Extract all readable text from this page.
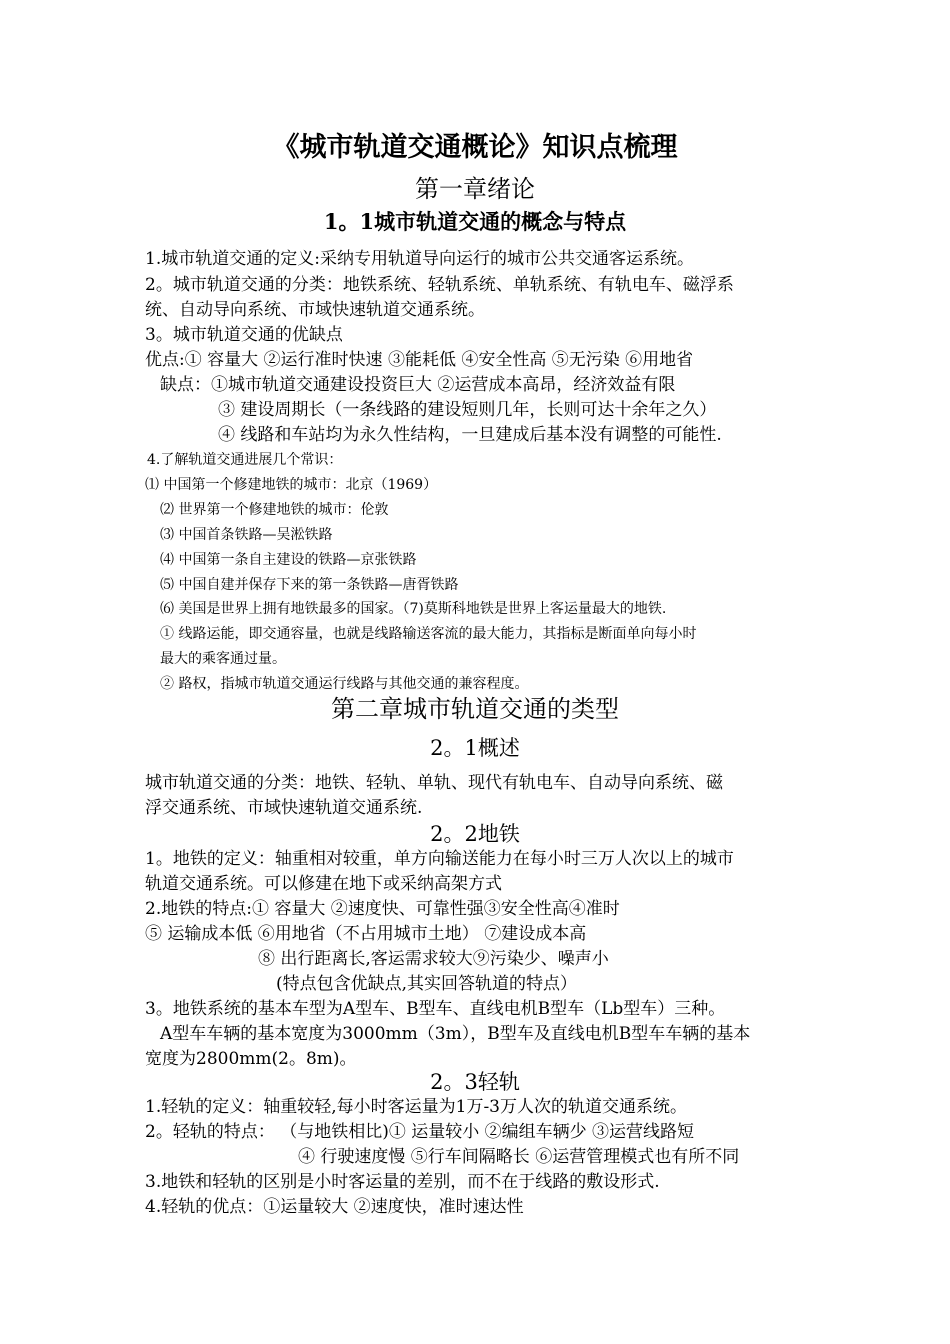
《城市轨道交通概论》知识点梳理
第一章绪论
1。1城市轨道交通的概念与特点
1.城市轨道交通的定义:采纳专用轨道导向运行的城市公共交通客运系统。
2。城市轨道交通的分类：地铁系统、轻轨系统、单轨系统、有轨电车、磁浮系
统、自动导向系统、市域快速轨道交通系统。
3。城市轨道交通的优缺点
优点:① 容量大 ②运行准时快速 ③能耗低 ④安全性高 ⑤无污染 ⑥用地省
缺点：①城市轨道交通建设投资巨大 ②运营成本高昂，经济效益有限
③ 建设周期长（一条线路的建设短则几年，长则可达十余年之久）
④ 线路和车站均为永久性结构，一旦建成后基本没有调整的可能性.
4.了解轨道交通进展几个常识：
⑴ 中国第一个修建地铁的城市：北京（1969）
⑵ 世界第一个修建地铁的城市：伦敦
⑶ 中国首条铁路—吴淞铁路
⑷ 中国第一条自主建设的铁路—京张铁路
⑸ 中国自建并保存下来的第一条铁路—唐胥铁路
⑹ 美国是世界上拥有地铁最多的国家。（7)莫斯科地铁是世界上客运量最大的地铁.
① 线路运能，即交通容量，也就是线路输送客流的最大能力，其指标是断面单向每小时
最大的乘客通过量。
② 路权，指城市轨道交通运行线路与其他交通的兼容程度。
第二章城市轨道交通的类型
2。1概述
城市轨道交通的分类：地铁、轻轨、单轨、现代有轨电车、自动导向系统、磁
浮交通系统、市域快速轨道交通系统.
2。2地铁
1。地铁的定义：轴重相对较重，单方向输送能力在每小时三万人次以上的城市
轨道交通系统。可以修建在地下或采纳高架方式
2.地铁的特点:① 容量大 ②速度快、可靠性强③安全性高④准时
⑤ 运输成本低 ⑥用地省（不占用城市土地） ⑦建设成本高
⑧ 出行距离长,客运需求较大⑨污染少、噪声小
(特点包含优缺点,其实回答轨道的特点）
3。地铁系统的基本车型为A型车、B型车、直线电机B型车（Lb型车）三种。
A型车车辆的基本宽度为3000mm（3m），B型车及直线电机B型车车辆的基本
宽度为2800mm(2。8m)。
2。3轻轨
1.轻轨的定义：轴重较轻,每小时客运量为1万-3万人次的轨道交通系统。
2。轻轨的特点： （与地铁相比)① 运量较小 ②编组车辆少 ③运营线路短
④ 行驶速度慢 ⑤行车间隔略长 ⑥运营管理模式也有所不同
3.地铁和轻轨的区别是小时客运量的差别，而不在于线路的敷设形式.
4.轻轨的优点：①运量较大 ②速度快，准时速达性
